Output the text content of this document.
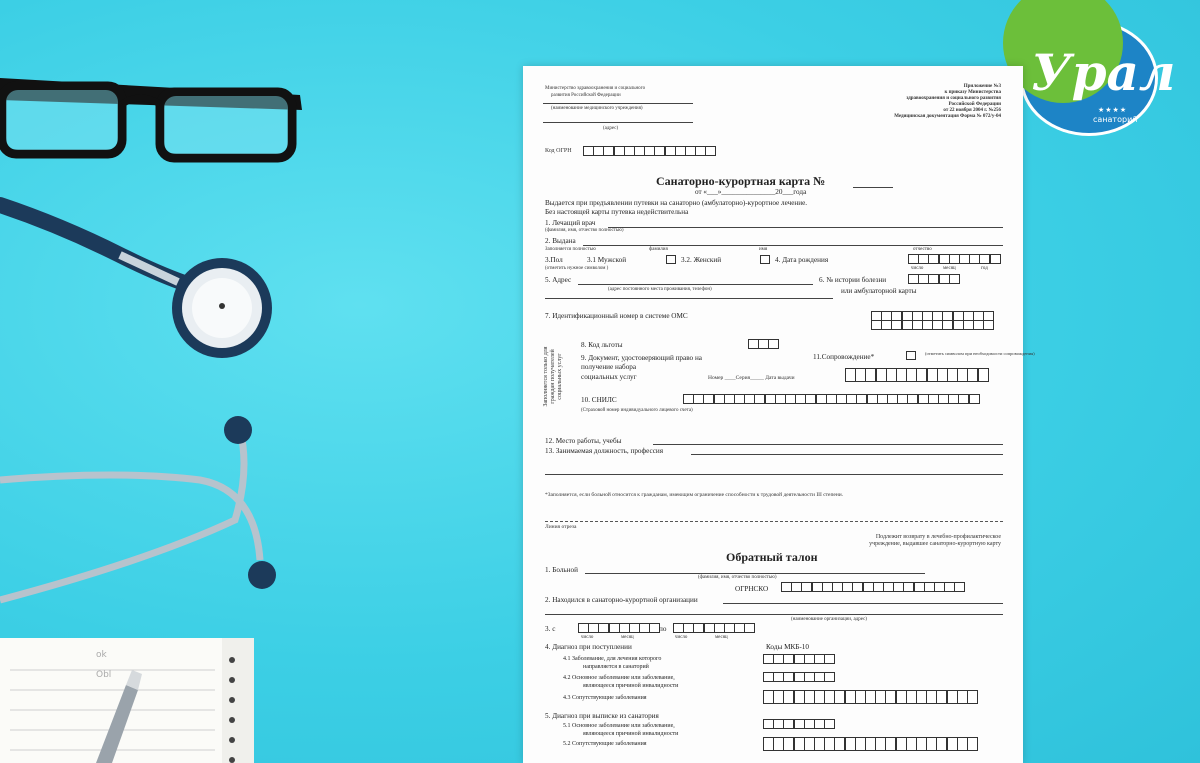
ok
Obl
Урал
★★★★
санаторий
Министерство здравоохранения и социального
развития Российской Федерации
(наименование медицинского учреждения)
(адрес)
Приложение №3
к приказу Министерства
здравоохранения и социального развития
Российской Федерации
от 22 ноября 2004 г. №256
Медицинская документация Форма № 072/у-04
Код ОГРН
Санаторно-курортная карта №
от «___»_______________20___года
Выдается при предъявлении путевки на санаторно (амбулаторно)-курортное лечение.
Без настоящей карты путевка недействительна
1. Лечащий врач
(фамилия, имя, отчество полностью)
2. Выдана
Заполняется полностью	фамилия	имя	отчество
3.Пол	3.1 Мужской	3.2. Женский	4. Дата рождения
(отметить нужное символом )	число	месяц	год
5. Адрес	6. № истории болезни
(адрес постоянного места проживания, телефон)	или амбулаторной карты
7. Идентификационный номер в системе ОМС
Заполняется только для граждан получателей социальных услуг
8. Код льготы
9. Документ, удостоверяющий право на	11.Сопровождение*	(отметить символом при необходимости сопровождения)
получение набора
социальных услуг	Номер ____Серия_____ Дата выдачи
10. СНИЛС
(Страховой номер индивидуального лицевого счета)
12. Место работы, учебы
13. Занимаемая должность, профессия
*Заполняется, если больной относится к гражданам, имеющим ограничение способности к трудовой деятельности III степени.
Линия отреза
Подлежит возврату в лечебно-профилактическое
учреждение, выдавшее санаторно-курортную карту
Обратный талон
1. Больной
(фамилия, имя, отчество полностью)
ОГРНСКО
2. Находился в санаторно-курортной организации
(наименование организации, адрес)
3. с	по
число	месяц	число	месяц
4. Диагноз при поступлении	Коды МКБ-10
4.1 Заболевание, для лечения которого
направляется в санаторий
4.2 Основное заболевание или заболевание,
являющееся причиной инвалидности
4.3 Сопутствующие заболевания
5. Диагноз при выписке из санатория
5.1 Основное заболевание или заболевание,
являющееся причиной инвалидности
5.2 Сопутствующие заболевания
